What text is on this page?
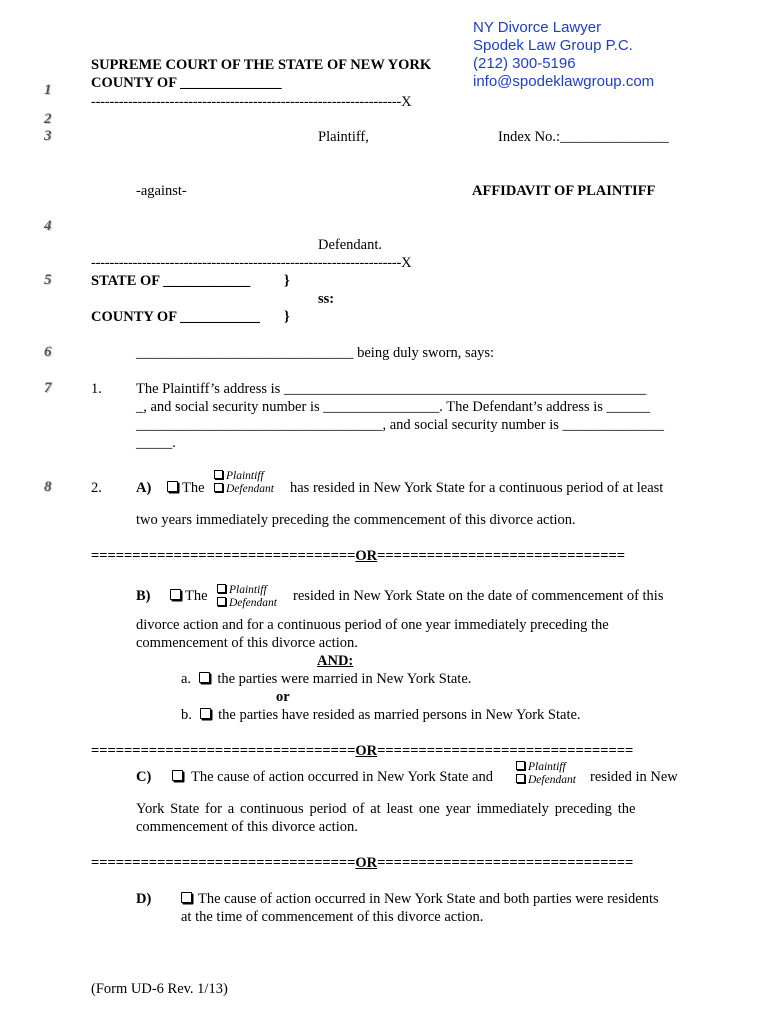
NY Divorce Lawyer
Spodek Law Group P.C.
(212) 300-5196
info@spodeklawgroup.com
1
2
3
4
5
6
7
8
SUPREME COURT OF THE STATE OF NEW YORK
COUNTY OF ______________
-------------------------------------------------------------------X
Plaintiff,	Index No.:_______________
-against-	AFFIDAVIT OF PLAINTIFF
Defendant.
-------------------------------------------------------------------X
STATE OF ____________ }
ss:
COUNTY OF ___________ }
______________________________ being duly sworn, says:
1. The Plaintiff’s address is __________________________________________________
_, and social security number is ________________. The Defendant’s address is ______
__________________________________, and social security number is ______________
_____.
2. A)	The
Plaintiff
Defendant has resided in New York State for a continuous period of at least
two years immediately preceding the commencement of this divorce action.
================================OR==============================
B)	The	Plaintiff
Defendant resided in New York State on the date of commencement of this
divorce action and for a continuous period of one year immediately preceding the
commencement of this divorce action.
AND:
a. the parties were married in New York State.
or
b. the parties have resided as married persons in New York State.
================================OR===============================
C)	The cause of action occurred in New York State and
Plaintiff
Defendant resided in New
York State for a continuous period of at least one year immediately preceding the
commencement of this divorce action.
================================OR===============================
D)	The cause of action occurred in New York State and both parties were residents
at the time of commencement of this divorce action.
(Form UD-6 Rev. 1/13)
